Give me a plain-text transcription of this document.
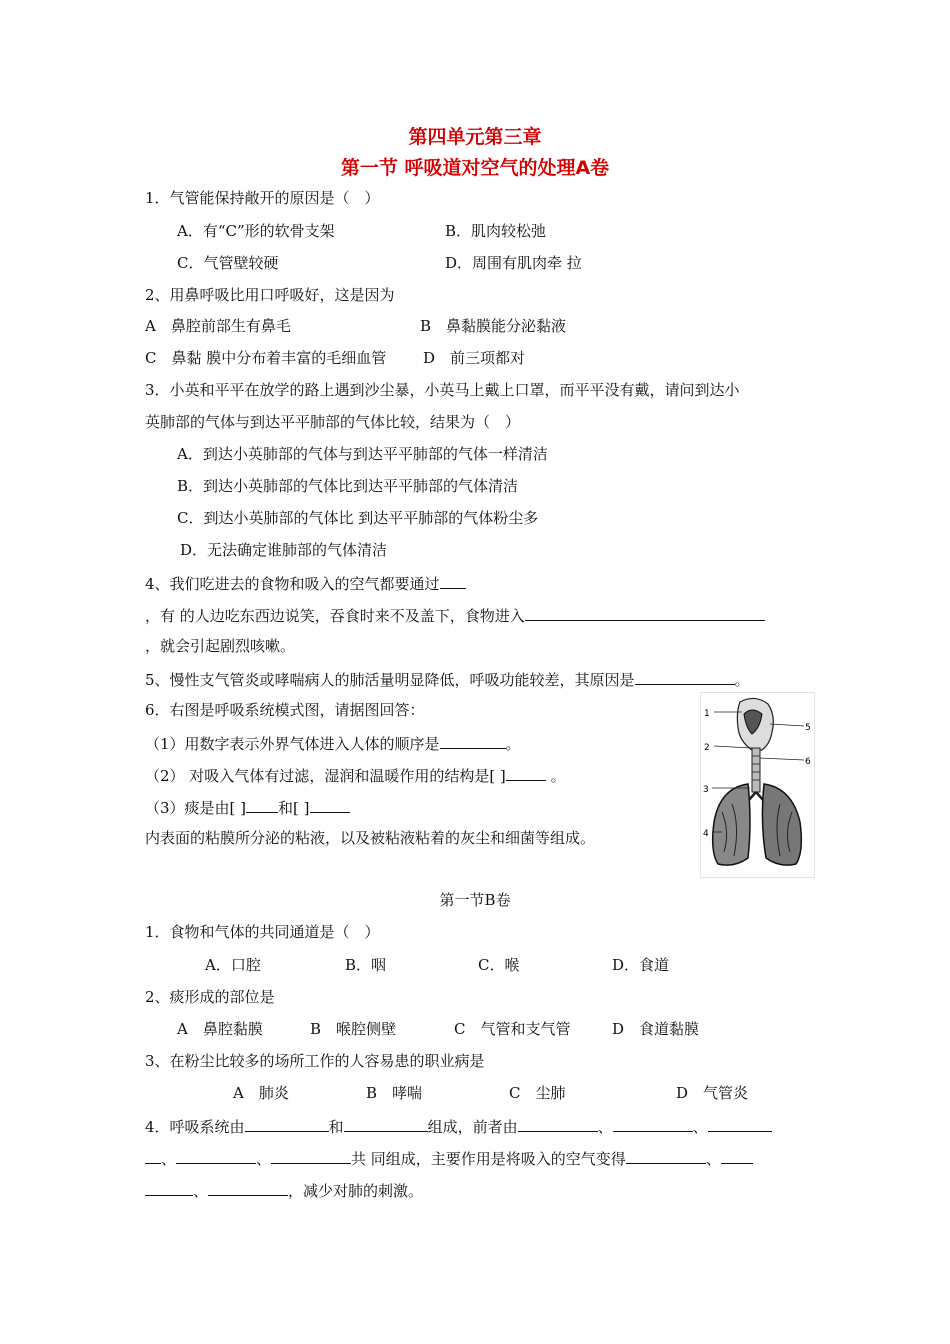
第四单元第三章
第一节 呼吸道对空气的处理A卷
1．气管能保持敞开的原因是（　）
A．有“C”形的软骨支架	B．肌肉较松弛
C．气管壁较硬	D．周围有肌肉牵 拉
2、用鼻呼吸比用口呼吸好，这是因为
A　鼻腔前部生有鼻毛	B　鼻黏膜能分泌黏液
C　鼻黏 膜中分布着丰富的毛细血管 D　前三项都对
3．小英和平平在放学的路上遇到沙尘暴，小英马上戴上口罩，而平平没有戴，请问到达小
英肺部的气体与到达平平肺部的气体比较，结果为（　）
A．到达小英肺部的气体与到达平平肺部的气体一样清洁
B．到达小英肺部的气体比到达平平肺部的气体清洁
C．到达小英肺部的气体比 到达平平肺部的气体粉尘多
D．无法确定谁肺部的气体清洁
4、我们吃进去的食物和吸入的空气都要通过
，有 的人边吃东西边说笑，吞食时来不及盖下，食物进入
，就会引起剧烈咳嗽。
5、慢性支气管炎或哮喘病人的肺活量明显降低，呼吸功能较差，其原因是	。
6．右图是呼吸系统模式图，请据图回答：
（1）用数字表示外界气体进入人体的顺序是	。
（2） 对吸入气体有过滤，湿润和温暖作用的结构是[ ]	。
（3）痰是由[ ] 和[ ]
内表面的粘膜所分泌的粘液，以及被粘液粘着的灰尘和细菌等组成。
1
2
3
4
5
6
第一节B卷
1．食物和气体的共同通道是（　）
A．口腔	B．咽	C．喉	D．食道
2、痰形成的部位是
A　鼻腔黏膜	B　喉腔侧壁	C　气管和支气管	D　食道黏膜
3、在粉尘比较多的场所工作的人容易患的职业病是
A　肺炎	B　哮喘	C　尘肺	D　气管炎
4．呼吸系统由	和	组成，前者由	、	、
、	、	共 同组成，主要作用是将吸入的空气变得	、
、	，减少对肺的刺激。
